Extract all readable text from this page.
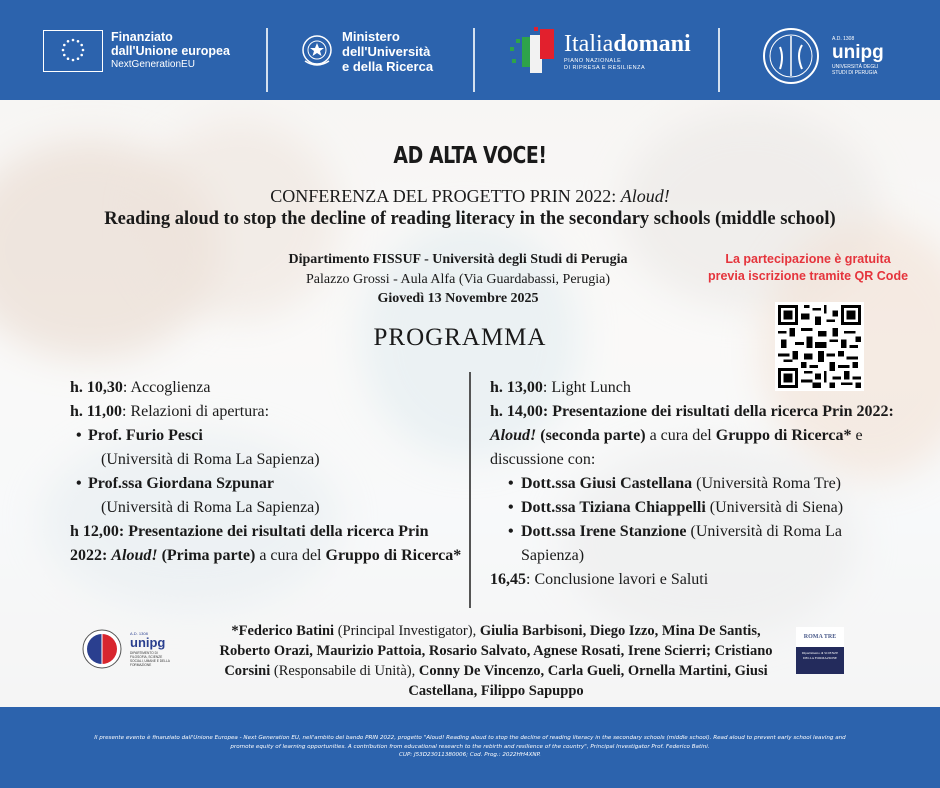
Finanziato
dall'Unione europea
NextGenerationEU
Ministero
dell'Università
e della Ricerca
Italiadomani
PIANO NAZIONALE
DI RIPRESA E RESILIENZA
A.D. 1308
unipg
UNIVERSITÀ DEGLI STUDI DI PERUGIA
AD ALTA VOCE!
CONFERENZA DEL PROGETTO PRIN 2022: Aloud!
Reading aloud to stop the decline of reading literacy in the secondary schools (middle school)
Dipartimento FISSUF - Università degli Studi di Perugia
Palazzo Grossi - Aula Alfa (Via Guardabassi, Perugia)
Giovedì 13 Novembre 2025
PROGRAMMA
La partecipazione è gratuita
previa iscrizione tramite QR Code
h. 10,30: Accoglienza
h. 11,00: Relazioni di apertura:
• Prof. Furio Pesci
(Università di Roma La Sapienza)
• Prof.ssa Giordana Szpunar
(Università di Roma La Sapienza)
h 12,00: Presentazione dei risultati della ricerca Prin 2022: Aloud! (Prima parte) a cura del Gruppo di Ricerca*
h. 13,00: Light Lunch
h. 14,00: Presentazione dei risultati della ricerca Prin 2022: Aloud! (seconda parte) a cura del Gruppo di Ricerca* e discussione con:
• Dott.ssa Giusi Castellana (Università Roma Tre)
• Dott.ssa Tiziana Chiappelli (Università di Siena)
• Dott.ssa Irene Stanzione (Università di Roma La Sapienza)
16,45: Conclusione lavori e Saluti
A.D. 1308
unipg
DIPARTIMENTO DI FILOSOFIA, SCIENZE SOCIALI, UMANE E DELLA FORMAZIONE
*Federico Batini (Principal Investigator), Giulia Barbisoni, Diego Izzo, Mina De Santis, Roberto Orazi, Maurizio Pattoia, Rosario Salvato, Agnese Rosati, Irene Scierri; Cristiano Corsini (Responsabile di Unità), Conny De Vincenzo, Carla Gueli, Ornella Martini, Giusi Castellana, Filippo Sapuppo
ROMA TRE
Dipartimento di SCIENZE DELLA FORMAZIONE
Il presente evento è finanziato dall'Unione Europea - Next Generation EU, nell'ambito del bando PRIN 2022, progetto "Aloud! Reading aloud to stop the decline of reading literacy in the secondary schools (middle school). Read aloud to prevent early school leaving and
promote equity of learning opportunities. A contribution from educational research to the rebirth and resilience of the country", Principal Investigator Prof. Federico Batini.
CUP: J53D23011380006; Cod. Prog.: 2022HH4XNP.
